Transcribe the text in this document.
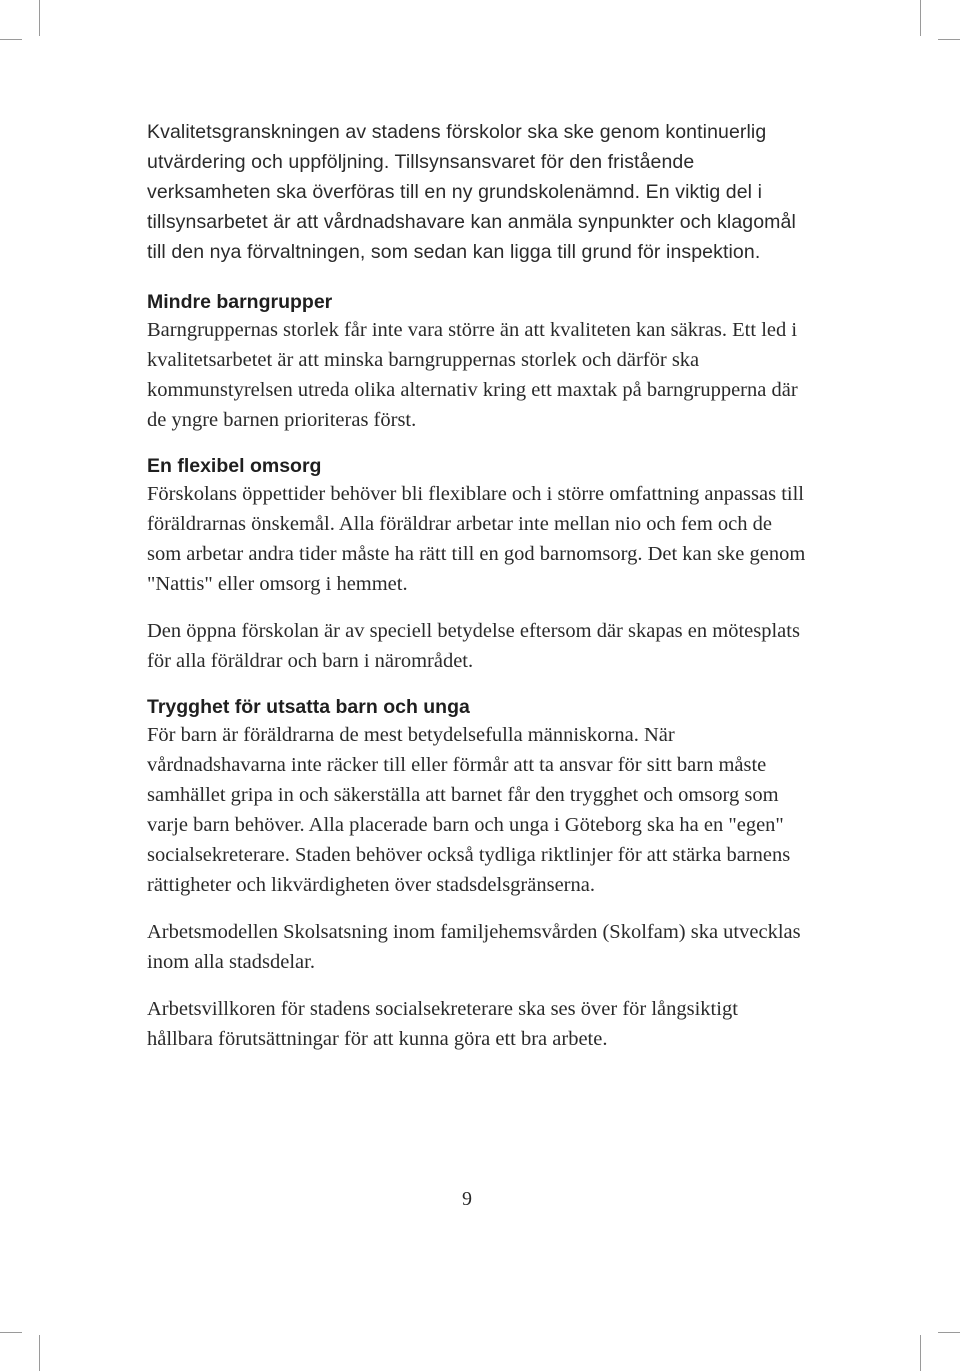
Kvalitetsgranskningen av stadens förskolor ska ske genom kontinuerlig utvärdering och uppföljning. Tillsynsansvaret för den fristående verksamheten ska överföras till en ny grundskolenämnd. En viktig del i tillsynsarbetet är att vårdnadshavare kan anmäla synpunkter och klagomål till den nya förvaltningen, som sedan kan ligga till grund för inspektion.

Mindre barngrupper

Barngruppernas storlek får inte vara större än att kvaliteten kan säkras. Ett led i kvalitetsarbetet är att minska barngruppernas storlek och därför ska kommunstyrelsen utreda olika alternativ kring ett maxtak på barngrupperna där de yngre barnen prioriteras först.

En flexibel omsorg

Förskolans öppettider behöver bli flexiblare och i större omfattning anpassas till föräldrarnas önskemål. Alla föräldrar arbetar inte mellan nio och fem och de som arbetar andra tider måste ha rätt till en god barnomsorg. Det kan ske genom "Nattis" eller omsorg i hemmet.

Den öppna förskolan är av speciell betydelse eftersom där skapas en mötesplats för alla föräldrar och barn i närområdet.

Trygghet för utsatta barn och unga

För barn är föräldrarna de mest betydelsefulla människorna. När vårdnadshavarna inte räcker till eller förmår att ta ansvar för sitt barn måste samhället gripa in och säkerställa att barnet får den trygghet och omsorg som varje barn behöver. Alla placerade barn och unga i Göteborg ska ha en "egen" socialsekreterare. Staden behöver också tydliga riktlinjer för att stärka barnens rättigheter och likvärdigheten över stadsdelsgränserna.

Arbetsmodellen Skolsatsning inom familjehemsvården (Skolfam) ska utvecklas inom alla stadsdelar.

Arbetsvillkoren för stadens socialsekreterare ska ses över för långsiktigt hållbara förutsättningar för att kunna göra ett bra arbete.

9
